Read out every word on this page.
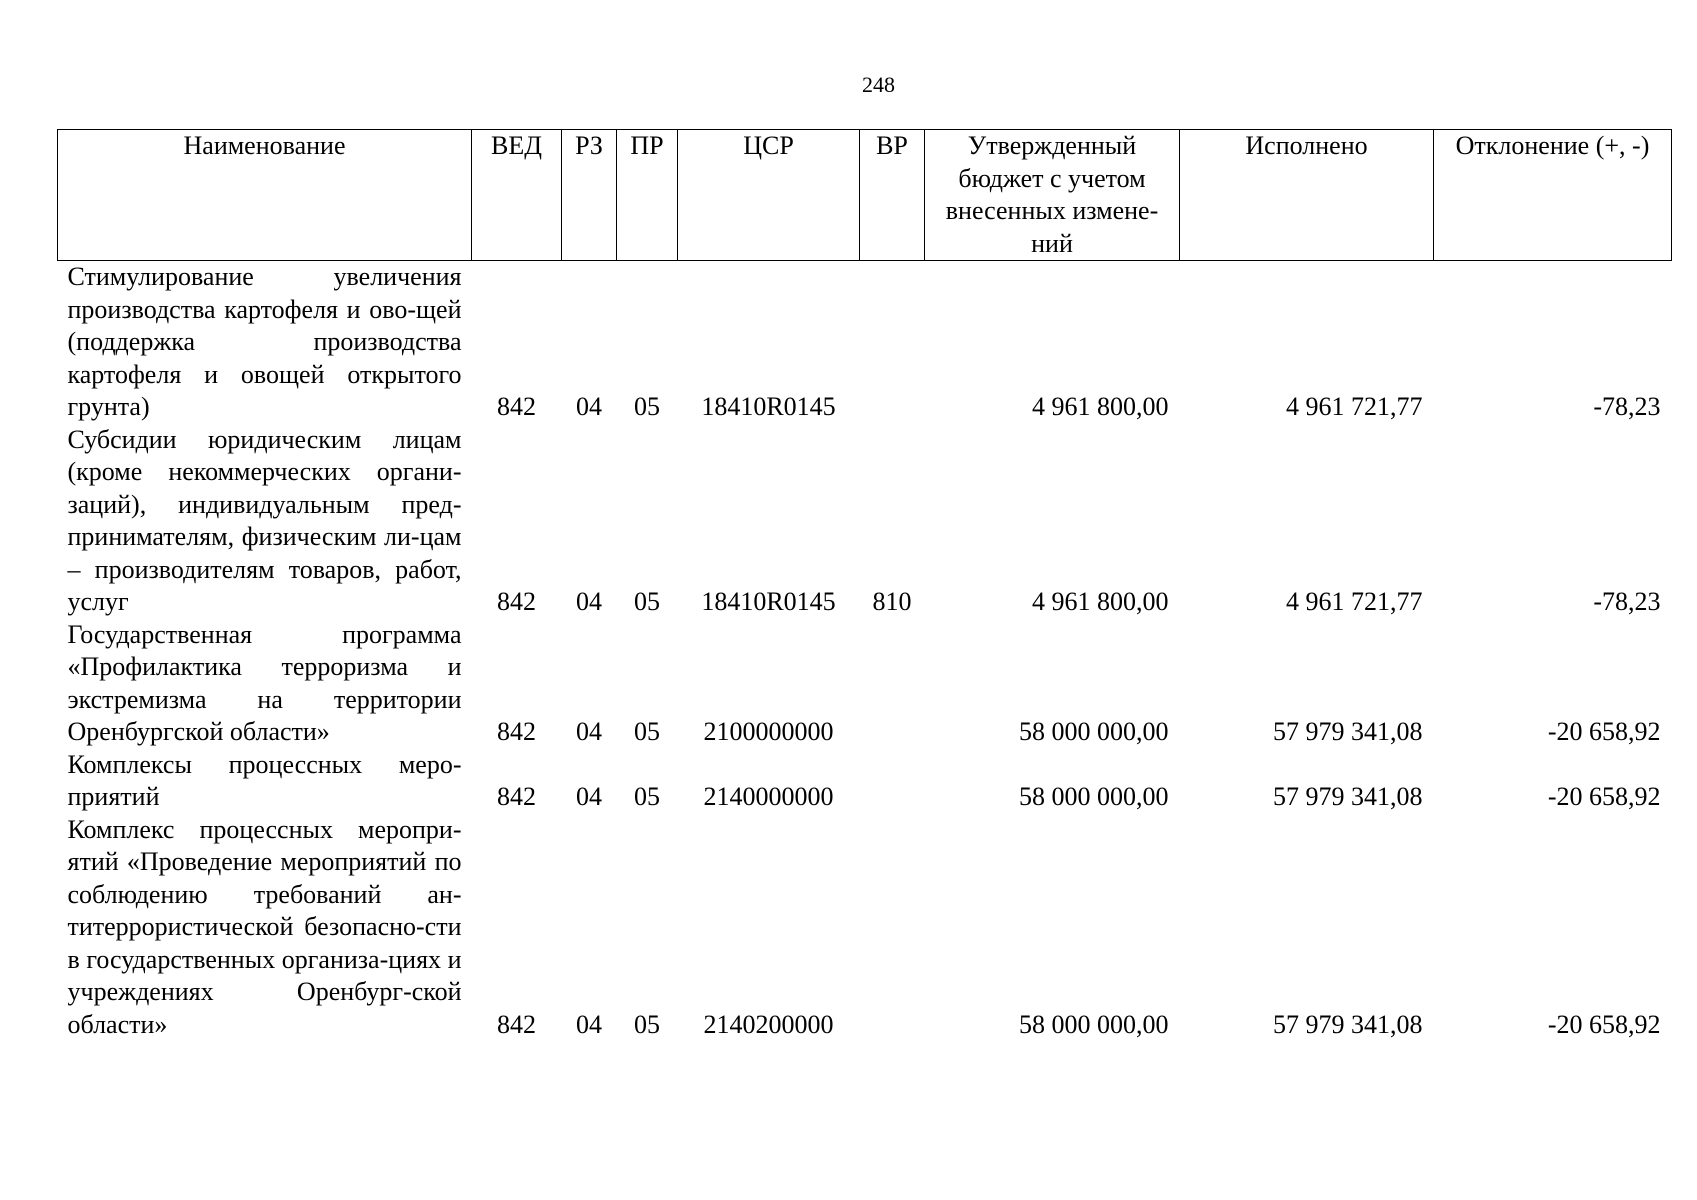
248
Наименование	ВЕД	РЗ	ПР	ЦСР	ВР	Утвержденный бюджет с учетом внесенных измене-ний	Исполнено	Отклонение (+, -)
Стимулирование увеличения производства картофеля и ово-щей (поддержка производства картофеля и овощей открытого грунта)	842	04	05	18410R0145		4 961 800,00	4 961 721,77	-78,23
Субсидии юридическим лицам (кроме некоммерческих органи-заций), индивидуальным пред-принимателям, физическим ли-цам – производителям товаров, работ, услуг	842	04	05	18410R0145	810	4 961 800,00	4 961 721,77	-78,23
Государственная программа «Профилактика терроризма и экстремизма на территории Оренбургской области»	842	04	05	2100000000		58 000 000,00	57 979 341,08	-20 658,92
Комплексы процессных меро-приятий	842	04	05	2140000000		58 000 000,00	57 979 341,08	-20 658,92
Комплекс процессных меропри-ятий «Проведение мероприятий по соблюдению требований ан-титеррористической безопасно-сти в государственных организа-циях и учреждениях Оренбург-ской области»	842	04	05	2140200000		58 000 000,00	57 979 341,08	-20 658,92
